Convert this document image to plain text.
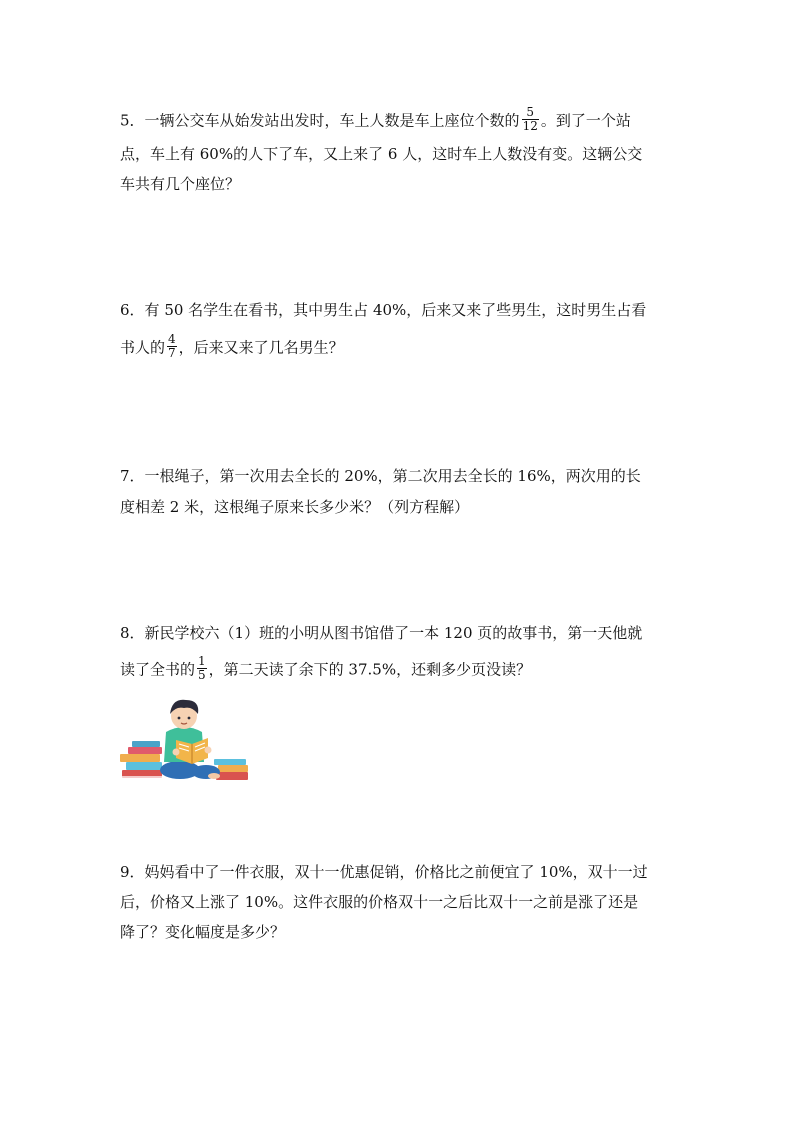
5．一辆公交车从始发站出发时，车上人数是车上座位个数的 $\frac{5}{12}$ 。到了一个站
点，车上有 60%的人下了车，又上来了 6 人，这时车上人数没有变。这辆公交
车共有几个座位？
6．有 50 名学生在看书，其中男生占 40%，后来又来了些男生，这时男生占看
书人的 $\frac{4}{7}$ ，后来又来了几名男生？
7．一根绳子，第一次用去全长的 20%，第二次用去全长的 16%，两次用的长
度相差 2 米，这根绳子原来长多少米？（列方程解）
8．新民学校六（1）班的小明从图书馆借了一本 120 页的故事书，第一天他就
读了全书的 $\frac{1}{5}$ ，第二天读了余下的 37.5%，还剩多少页没读？
9．妈妈看中了一件衣服，双十一优惠促销，价格比之前便宜了 10%，双十一过
后，价格又上涨了 10%。这件衣服的价格双十一之后比双十一之前是涨了还是
降了？变化幅度是多少？
